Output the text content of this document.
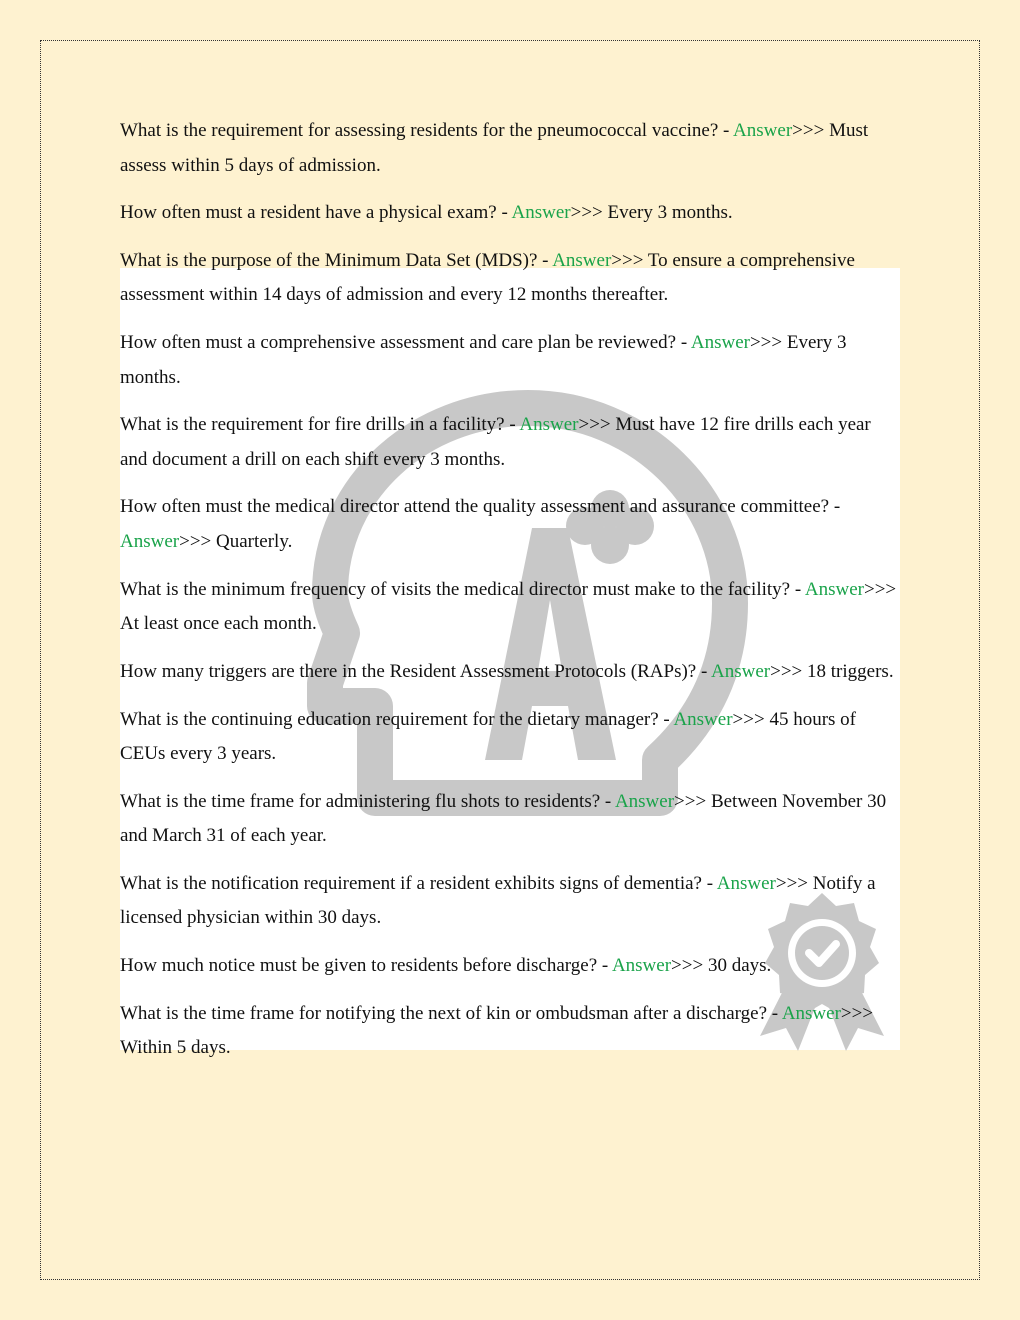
What is the requirement for assessing residents for the pneumococcal vaccine? - Answer>>> Must assess within 5 days of admission.
How often must a resident have a physical exam? - Answer>>> Every 3 months.
What is the purpose of the Minimum Data Set (MDS)? - Answer>>> To ensure a comprehensive assessment within 14 days of admission and every 12 months thereafter.
How often must a comprehensive assessment and care plan be reviewed? - Answer>>> Every 3 months.
What is the requirement for fire drills in a facility? - Answer>>> Must have 12 fire drills each year and document a drill on each shift every 3 months.
How often must the medical director attend the quality assessment and assurance committee? - Answer>>> Quarterly.
What is the minimum frequency of visits the medical director must make to the facility? - Answer>>> At least once each month.
How many triggers are there in the Resident Assessment Protocols (RAPs)? - Answer>>> 18 triggers.
What is the continuing education requirement for the dietary manager? - Answer>>> 45 hours of CEUs every 3 years.
What is the time frame for administering flu shots to residents? - Answer>>> Between November 30 and March 31 of each year.
What is the notification requirement if a resident exhibits signs of dementia? - Answer>>> Notify a licensed physician within 30 days.
How much notice must be given to residents before discharge? - Answer>>> 30 days.
What is the time frame for notifying the next of kin or ombudsman after a discharge? - Answer>>> Within 5 days.
